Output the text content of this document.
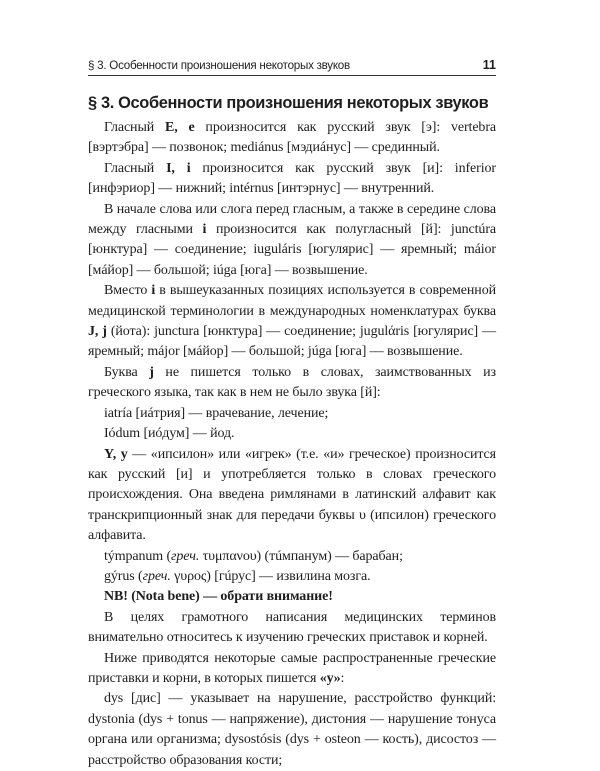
§ 3. Особенности произношения некоторых звуков	11
§ 3. Особенности произношения некоторых звуков

Гласный E, e произносится как русский звук [э]: vertebra [вэртэбра] — позвонок; mediánus [мэдиáнус] — срединный.

Гласный I, i произносится как русский звук [и]: inferior [инфэриор] — нижний; intérnus [интэрнус] — внутренний.

В начале слова или слога перед гласным, а также в середине слова между гласными i произносится как полугласный [й]: junctúra [юнктура] — соединение; iuguláris [югулярис] — яремный; máior [мáйор] — большой; iúga [юга] — возвышение.

Вместо i в вышеуказанных позициях используется в современной медицинской терминологии в международных номенклатурах буква J, j (йота): junctura [юнктура] — соединение; jugulάris [югулярис] — яремный; májor [мáйор] — большой; júga [юга] — возвышение.

Буква j не пишется только в словах, заимствованных из греческого языка, так как в нем не было звука [й]:

iatría [иáтрия] — врачевание, лечение;

Iódum [иóдум] — йод.

Y, y — «ипсилон» или «игрек» (т.е. «и» греческое) произносится как русский [и] и употребляется только в словах греческого происхождения. Она введена римлянами в латинский алфавит как транскрипционный знак для передачи буквы υ (ипсилон) греческого алфавита.

týmpanum (греч. τυμπανου) (тúмпанум) — барабан;

gýrus (греч. γυρος) [гúрус] — извилина мозга.

NB! (Nota bene) — обрати внимание!

В целях грамотного написания медицинских терминов внимательно относитесь к изучению греческих приставок и корней.

Ниже приводятся некоторые самые распространенные греческие приставки и корни, в которых пишется «y»:

dys [дис] — указывает на нарушение, расстройство функций: dystonia (dys + tonus — напряжение), дистония — нарушение тонуса органа или организма; dysostósis (dys + osteon — кость), дисостоз — расстройство образования кости;
